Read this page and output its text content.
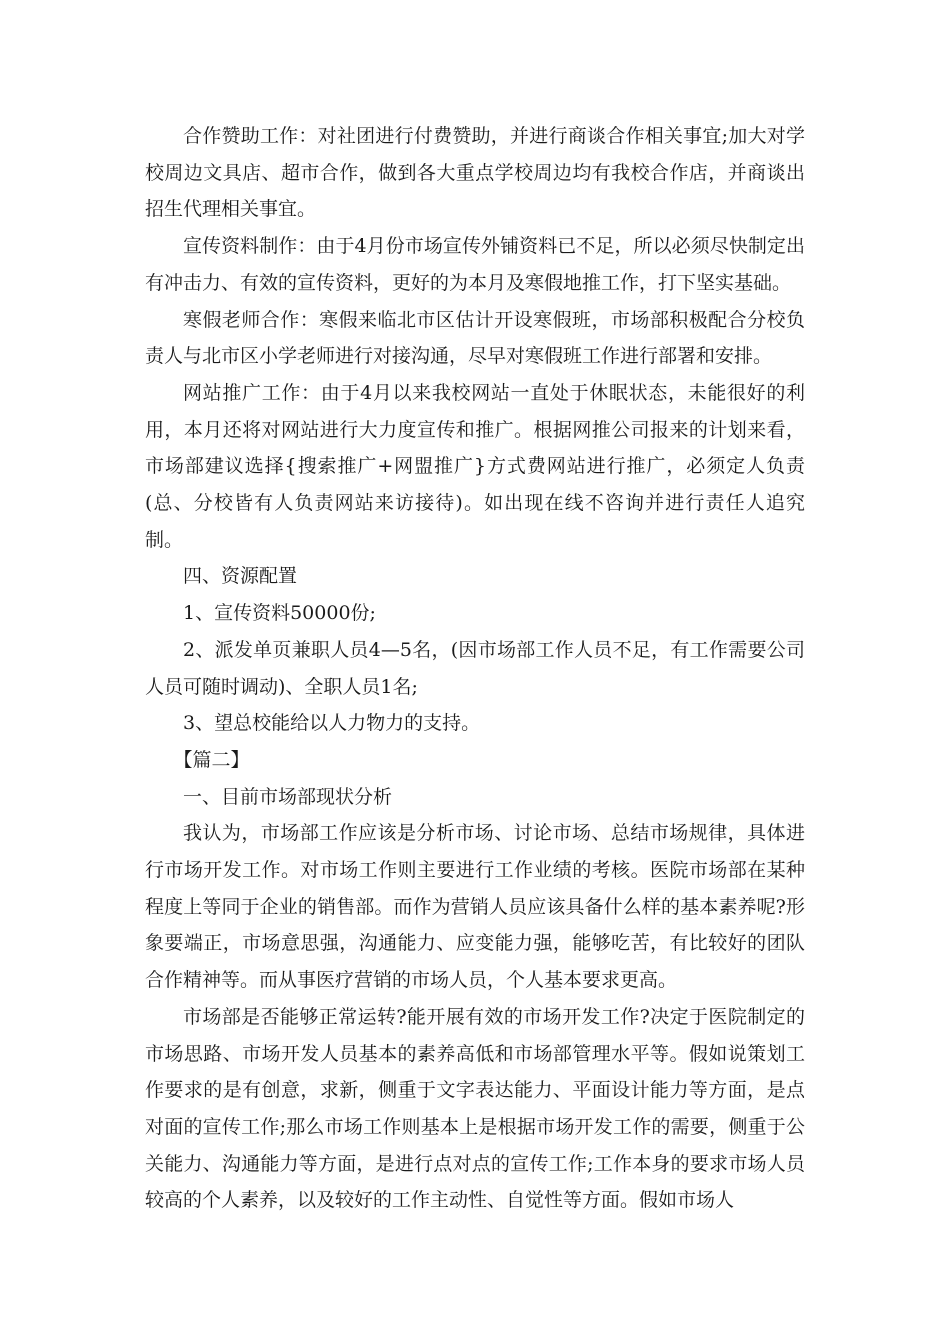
合作赞助工作：对社团进行付费赞助，并进行商谈合作相关事宜;加大对学校周边文具店、超市合作，做到各大重点学校周边均有我校合作店，并商谈出招生代理相关事宜。

宣传资料制作：由于4月份市场宣传外铺资料已不足，所以必须尽快制定出有冲击力、有效的宣传资料，更好的为本月及寒假地推工作，打下坚实基础。

寒假老师合作：寒假来临北市区估计开设寒假班，市场部积极配合分校负责人与北市区小学老师进行对接沟通，尽早对寒假班工作进行部署和安排。

网站推广工作：由于4月以来我校网站一直处于休眠状态，未能很好的利用，本月还将对网站进行大力度宣传和推广。根据网推公司报来的计划来看，市场部建议选择{搜索推广+网盟推广}方式费网站进行推广，必须定人负责(总、分校皆有人负责网站来访接待)。如出现在线不咨询并进行责任人追究制。

四、资源配置

1、宣传资料50000份;

2、派发单页兼职人员4—5名，(因市场部工作人员不足，有工作需要公司人员可随时调动)、全职人员1名;

3、望总校能给以人力物力的支持。

【篇二】

一、目前市场部现状分析

我认为，市场部工作应该是分析市场、讨论市场、总结市场规律，具体进行市场开发工作。对市场工作则主要进行工作业绩的考核。医院市场部在某种程度上等同于企业的销售部。而作为营销人员应该具备什么样的基本素养呢?形象要端正，市场意思强，沟通能力、应变能力强，能够吃苦，有比较好的团队合作精神等。而从事医疗营销的市场人员，个人基本要求更高。

市场部是否能够正常运转?能开展有效的市场开发工作?决定于医院制定的市场思路、市场开发人员基本的素养高低和市场部管理水平等。假如说策划工作要求的是有创意，求新，侧重于文字表达能力、平面设计能力等方面，是点对面的宣传工作;那么市场工作则基本上是根据市场开发工作的需要，侧重于公关能力、沟通能力等方面，是进行点对点的宣传工作;工作本身的要求市场人员较高的个人素养，以及较好的工作主动性、自觉性等方面。假如市场人
